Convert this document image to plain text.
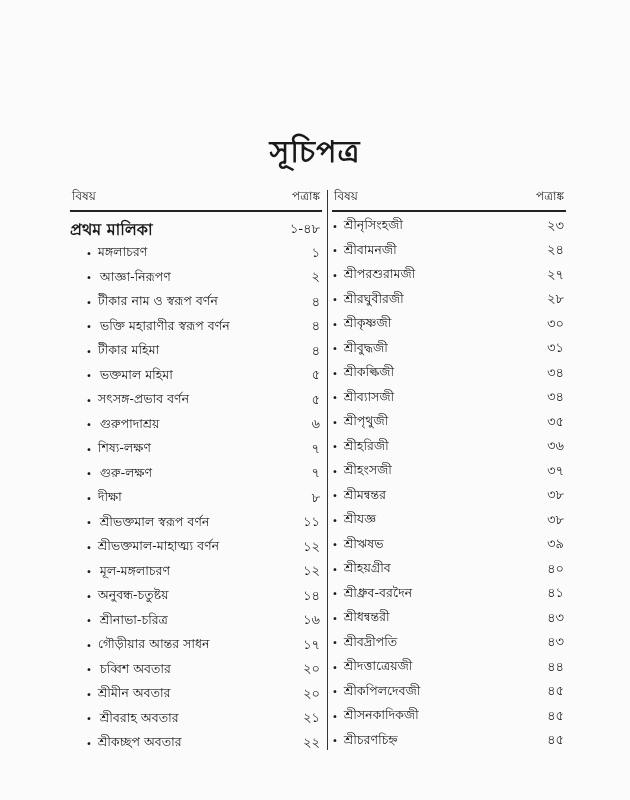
সূচিপত্র
বিষয়	পত্রাঙ্ক
প্রথম মালিকা	১-৪৮
• মঙ্গলাচরণ	১
• আজ্ঞা-নিরূপণ	২
• টীকার নাম ও স্বরূপ বর্ণন	৪
• ভক্তি মহারাণীর স্বরূপ বর্ণন	৪
• টীকার মহিমা	৪
• ভক্তমাল মহিমা	৫
• সৎসঙ্গ-প্রভাব বর্ণন	৫
• গুরুপাদাশ্রয়	৬
• শিষ্য-লক্ষণ	৭
• গুরু-লক্ষণ	৭
• দীক্ষা	৮
• শ্রীভক্তমাল স্বরূপ বর্ণন	১১
• শ্রীভক্তমাল-মাহাত্ম্য বর্ণন	১২
• মূল-মঙ্গলাচরণ	১২
• অনুবন্ধ-চতুষ্টয়	১৪
• শ্রীনাভা-চরিত্র	১৬
• গৌড়ীয়ার আন্তর সাধন	১৭
• চব্বিশ অবতার	২০
• শ্রীমীন অবতার	২০
• শ্রীবরাহ অবতার	২১
• শ্রীকচ্ছপ অবতার	২২
বিষয়	পত্রাঙ্ক
• শ্রীনৃসিংহজী	২৩
• শ্রীবামনজী	২৪
• শ্রীপরশুরামজী	২৭
• শ্রীরঘুবীরজী	২৮
• শ্রীকৃষ্ণজী	৩০
• শ্রীবুদ্ধজী	৩১
• শ্রীকল্কিজী	৩৪
• শ্রীব্যাসজী	৩৪
• শ্রীপৃথুজী	৩৫
• শ্রীহরিজী	৩৬
• শ্রীহংসজী	৩৭
• শ্রীমন্বন্তর	৩৮
• শ্রীযজ্ঞ	৩৮
• শ্রীঋষভ	৩৯
• শ্রীহয়গ্রীব	৪০
• শ্রীধ্রুব-বরদৈন	৪১
• শ্রীধন্বন্তরী	৪৩
• শ্রীবদ্রীপতি	৪৩
• শ্রীদত্তাত্রেয়জী	৪৪
• শ্রীকপিলদেবজী	৪৫
• শ্রীসনকাদিকজী	৪৫
• শ্রীচরণচিহ্ন	৪৫
